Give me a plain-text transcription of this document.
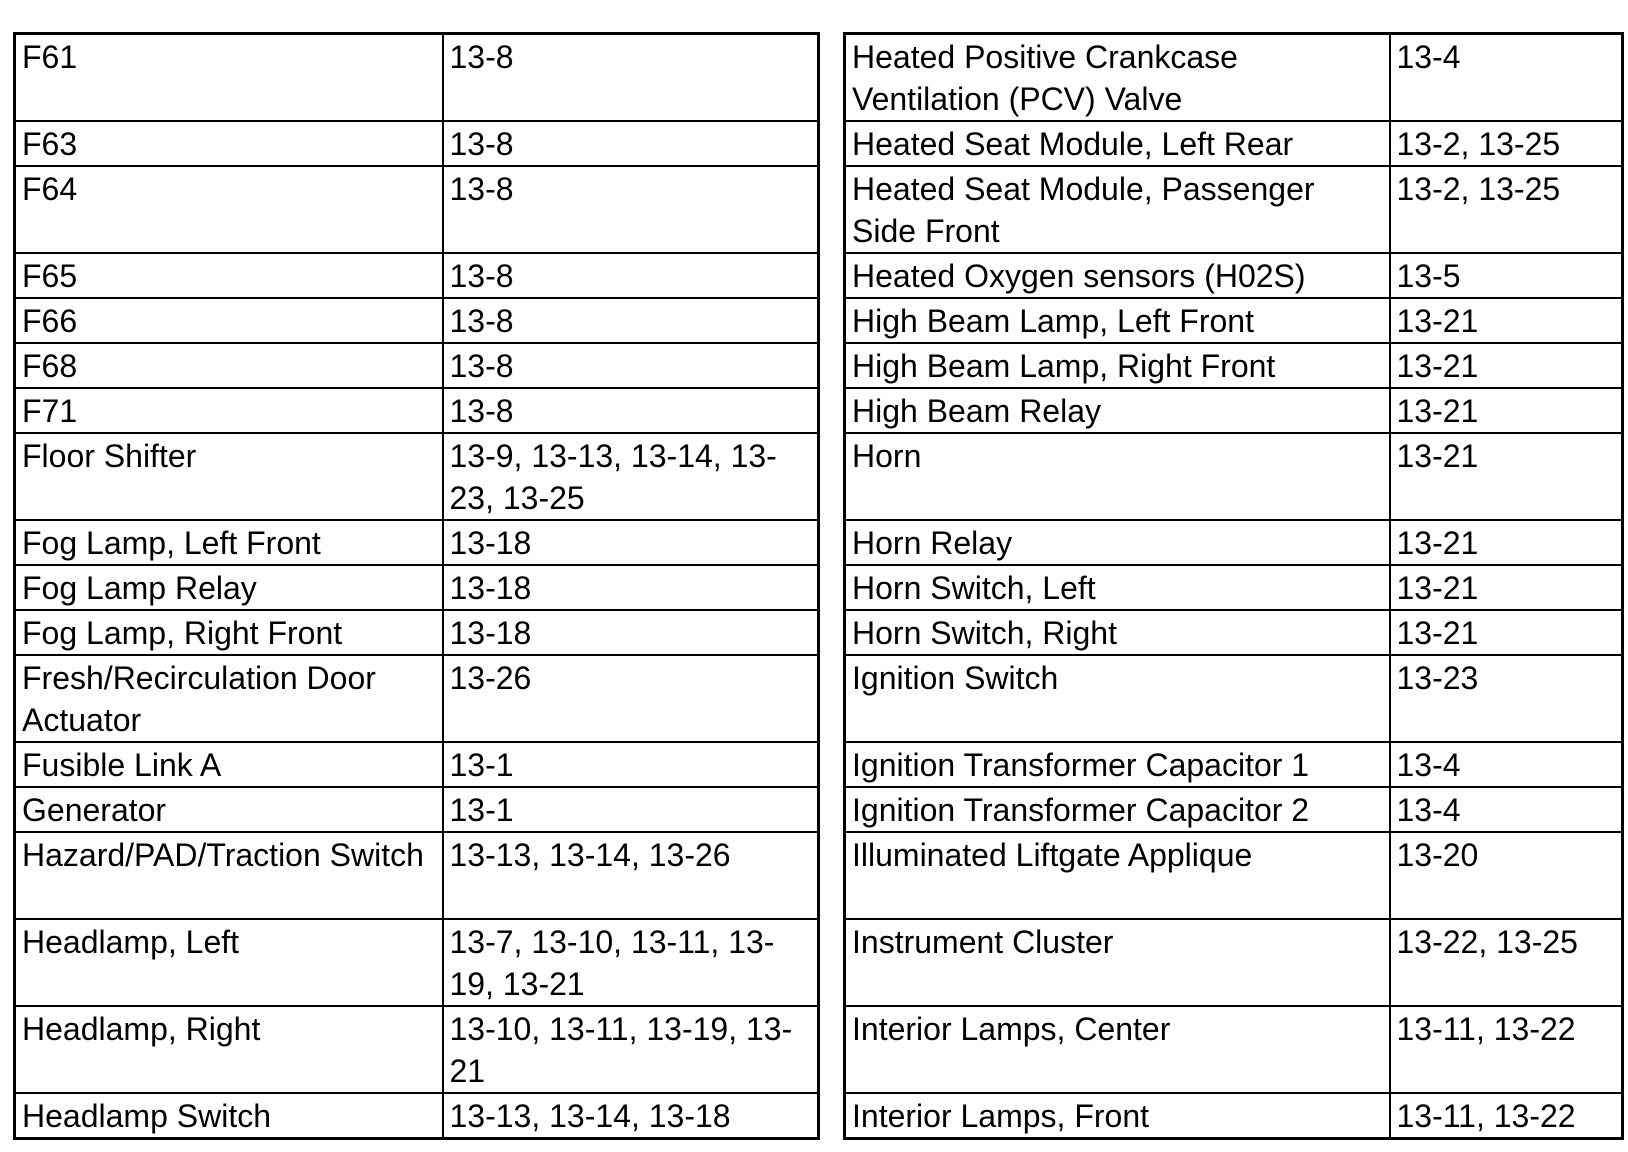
F61	13-8
F63	13-8
F64	13-8
F65	13-8
F66	13-8
F68	13-8
F71	13-8
Floor Shifter	13-9, 13-13, 13-14, 13-23, 13-25
Fog Lamp, Left Front	13-18
Fog Lamp Relay	13-18
Fog Lamp, Right Front	13-18
Fresh/Recirculation Door Actuator	13-26
Fusible Link A	13-1
Generator	13-1
Hazard/PAD/Traction Switch	13-13, 13-14, 13-26
Headlamp, Left	13-7, 13-10, 13-11, 13-19, 13-21
Headlamp, Right	13-10, 13-11, 13-19, 13-21
Headlamp Switch	13-13, 13-14, 13-18
Heated Positive Crankcase Ventilation (PCV) Valve	13-4
Heated Seat Module, Left Rear	13-2, 13-25
Heated Seat Module, Passenger Side Front	13-2, 13-25
Heated Oxygen sensors (H02S)	13-5
High Beam Lamp, Left Front	13-21
High Beam Lamp, Right Front	13-21
High Beam Relay	13-21
Horn	13-21
Horn Relay	13-21
Horn Switch, Left	13-21
Horn Switch, Right	13-21
Ignition Switch	13-23
Ignition Transformer Capacitor 1	13-4
Ignition Transformer Capacitor 2	13-4
Illuminated Liftgate Applique	13-20
Instrument Cluster	13-22, 13-25
Interior Lamps, Center	13-11, 13-22
Interior Lamps, Front	13-11, 13-22
